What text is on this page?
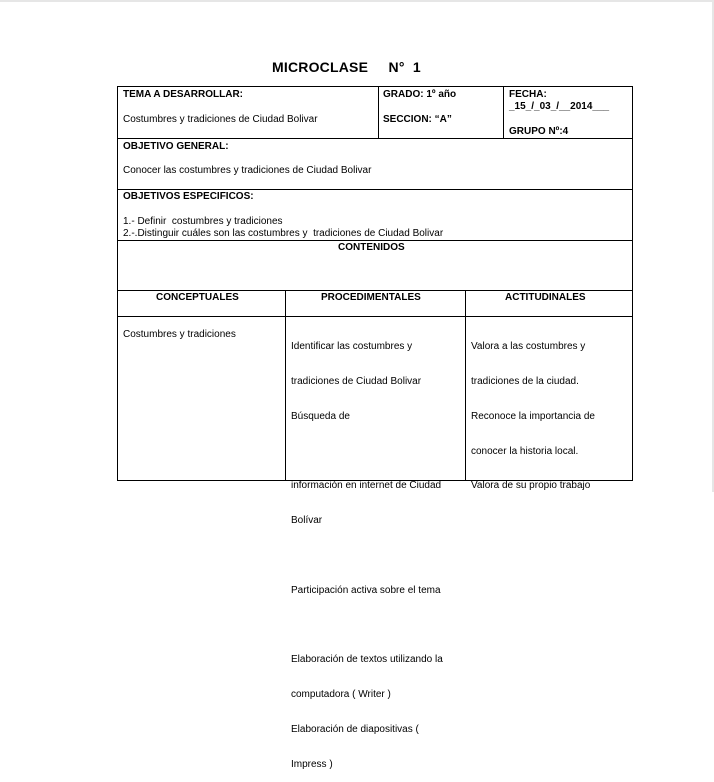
MICROCLASE     N°  1
TEMA A DESARROLLAR:
Costumbres y tradiciones de Ciudad Bolivar
GRADO: 1º año
SECCION: “A”
FECHA:
_15_/_03_/__2014___
GRUPO Nº:4
OBJETIVO GENERAL:
Conocer las costumbres y tradiciones de Ciudad Bolivar
OBJETIVOS ESPECIFICOS:
1.- Definir  costumbres y tradiciones
2.-.Distinguir cuáles son las costumbres y  tradiciones de Ciudad Bolivar
CONTENIDOS
CONCEPTUALES	PROCEDIMENTALES	ACTITUDINALES
Costumbres y tradiciones

Identificar las costumbres y

tradiciones de Ciudad Bolivar

Búsqueda de

información en internet de Ciudad

Bolívar

Participación activa sobre el tema

Elaboración de textos utilizando la

computadora ( Writer )

Elaboración de diapositivas (

Impress )

Valora a las costumbres y

tradiciones de la ciudad.

Reconoce la importancia de

conocer la historia local.

Valora de su propio trabajo
